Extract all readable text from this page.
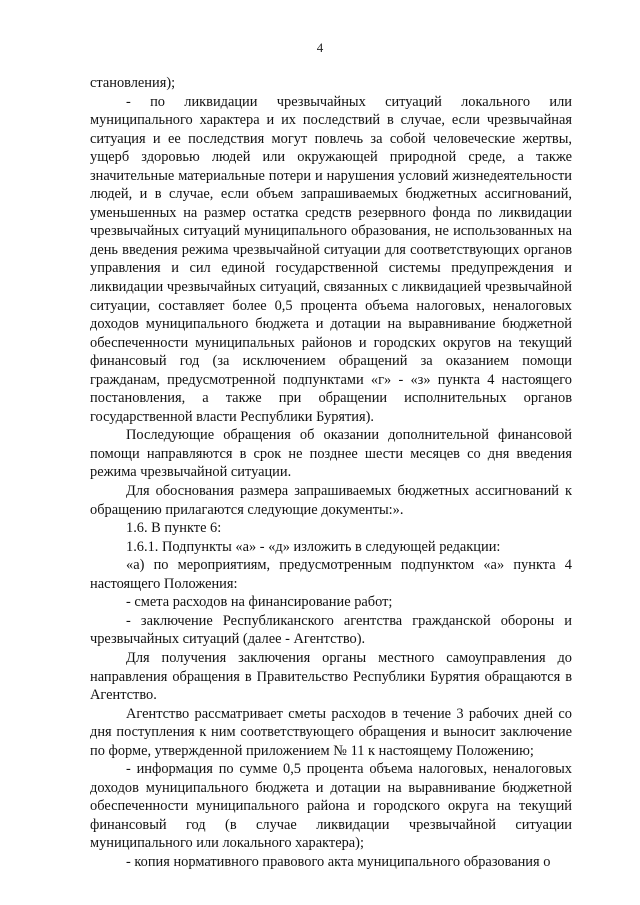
4

становления);

- по ликвидации чрезвычайных ситуаций локального или муниципального характера и их последствий в случае, если чрезвычайная ситуация и ее последствия могут повлечь за собой человеческие жертвы, ущерб здоровью людей или окружающей природной среде, а также значительные материальные потери и нарушения условий жизнедеятельности людей, и в случае, если объем запрашиваемых бюджетных ассигнований, уменьшенных на размер остатка средств резервного фонда по ликвидации чрезвычайных ситуаций муниципального образования, не использованных на день введения режима чрезвычайной ситуации для соответствующих органов управления и сил единой государственной системы предупреждения и ликвидации чрезвычайных ситуаций, связанных с ликвидацией чрезвычайной ситуации, составляет более 0,5 процента объема налоговых, неналоговых доходов муниципального бюджета и дотации на выравнивание бюджетной обеспеченности муниципальных районов и городских округов на текущий финансовый год (за исключением обращений за оказанием помощи гражданам, предусмотренной подпунктами «г» - «з» пункта 4 настоящего постановления, а также при обращении исполнительных органов государственной власти Республики Бурятия).

Последующие обращения об оказании дополнительной финансовой помощи направляются в срок не позднее шести месяцев со дня введения режима чрезвычайной ситуации.

Для обоснования размера запрашиваемых бюджетных ассигнований к обращению прилагаются следующие документы:».

1.6. В пункте 6:

1.6.1. Подпункты «а» - «д» изложить в следующей редакции:

«а) по мероприятиям, предусмотренным подпунктом «а» пункта 4 настоящего Положения:

- смета расходов на финансирование работ;

- заключение Республиканского агентства гражданской обороны и чрезвычайных ситуаций (далее - Агентство).

Для получения заключения органы местного самоуправления до направления обращения в Правительство Республики Бурятия обращаются в Агентство.

Агентство рассматривает сметы расходов в течение 3 рабочих дней со дня поступления к ним соответствующего обращения и выносит заключение по форме, утвержденной приложением № 11 к настоящему Положению;

- информация по сумме 0,5 процента объема налоговых, неналоговых доходов муниципального бюджета и дотации на выравнивание бюджетной обеспеченности муниципального района и городского округа на текущий финансовый год (в случае ликвидации чрезвычайной ситуации муниципального или локального характера);

- копия нормативного правового акта муниципального образования о
